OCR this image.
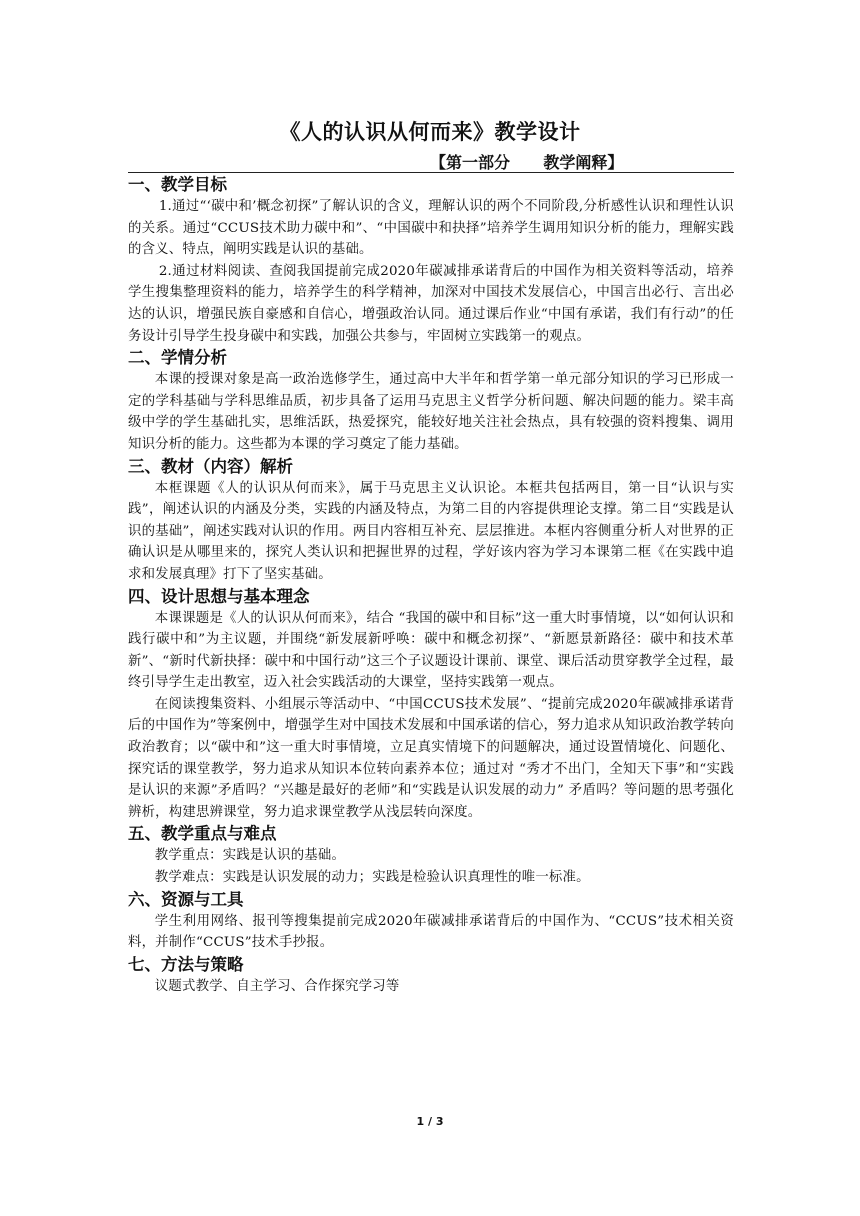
《人的认识从何而来》教学设计
【第一部分      教学阐释】
一、教学目标

1.通过“‘碳中和’概念初探”了解认识的含义，理解认识的两个不同阶段,分析感性认识和理性认识的关系。通过“CCUS技术助力碳中和”、“中国碳中和抉择”培养学生调用知识分析的能力，理解实践的含义、特点，阐明实践是认识的基础。

2.通过材料阅读、查阅我国提前完成2020年碳减排承诺背后的中国作为相关资料等活动，培养学生搜集整理资料的能力，培养学生的科学精神，加深对中国技术发展信心，中国言出必行、言出必达的认识，增强民族自豪感和自信心，增强政治认同。通过课后作业“中国有承诺，我们有行动”的任务设计引导学生投身碳中和实践，加强公共参与，牢固树立实践第一的观点。

二、学情分析

本课的授课对象是高一政治选修学生，通过高中大半年和哲学第一单元部分知识的学习已形成一定的学科基础与学科思维品质，初步具备了运用马克思主义哲学分析问题、解决问题的能力。梁丰高级中学的学生基础扎实，思维活跃，热爱探究，能较好地关注社会热点，具有较强的资料搜集、调用知识分析的能力。这些都为本课的学习奠定了能力基础。

三、教材（内容）解析

本框课题《人的认识从何而来》，属于马克思主义认识论。本框共包括两目，第一目“认识与实践”，阐述认识的内涵及分类，实践的内涵及特点，为第二目的内容提供理论支撑。第二目“实践是认识的基础”，阐述实践对认识的作用。两目内容相互补充、层层推进。本框内容侧重分析人对世界的正确认识是从哪里来的，探究人类认识和把握世界的过程，学好该内容为学习本课第二框《在实践中追求和发展真理》打下了坚实基础。

四、设计思想与基本理念

本课课题是《人的认识从何而来》，结合 “我国的碳中和目标”这一重大时事情境，以“如何认识和践行碳中和”为主议题，并围绕“新发展新呼唤：碳中和概念初探”、“新愿景新路径：碳中和技术革新”、“新时代新抉择：碳中和中国行动”这三个子议题设计课前、课堂、课后活动贯穿教学全过程，最终引导学生走出教室，迈入社会实践活动的大课堂，坚持实践第一观点。

在阅读搜集资料、小组展示等活动中、“中国CCUS技术发展”、“提前完成2020年碳减排承诺背后的中国作为”等案例中，增强学生对中国技术发展和中国承诺的信心，努力追求从知识政治教学转向政治教育；以“碳中和”这一重大时事情境，立足真实情境下的问题解决，通过设置情境化、问题化、探究话的课堂教学，努力追求从知识本位转向素养本位；通过对 “秀才不出门，全知天下事”和“实践是认识的来源”矛盾吗？“兴趣是最好的老师”和“实践是认识发展的动力” 矛盾吗？等问题的思考强化辨析，构建思辨课堂，努力追求课堂教学从浅层转向深度。

五、教学重点与难点

教学重点：实践是认识的基础。

教学难点：实践是认识发展的动力；实践是检验认识真理性的唯一标准。

六、资源与工具

学生利用网络、报刊等搜集提前完成2020年碳减排承诺背后的中国作为、“CCUS”技术相关资料，并制作“CCUS”技术手抄报。

七、方法与策略

议题式教学、自主学习、合作探究学习等

1 / 3
